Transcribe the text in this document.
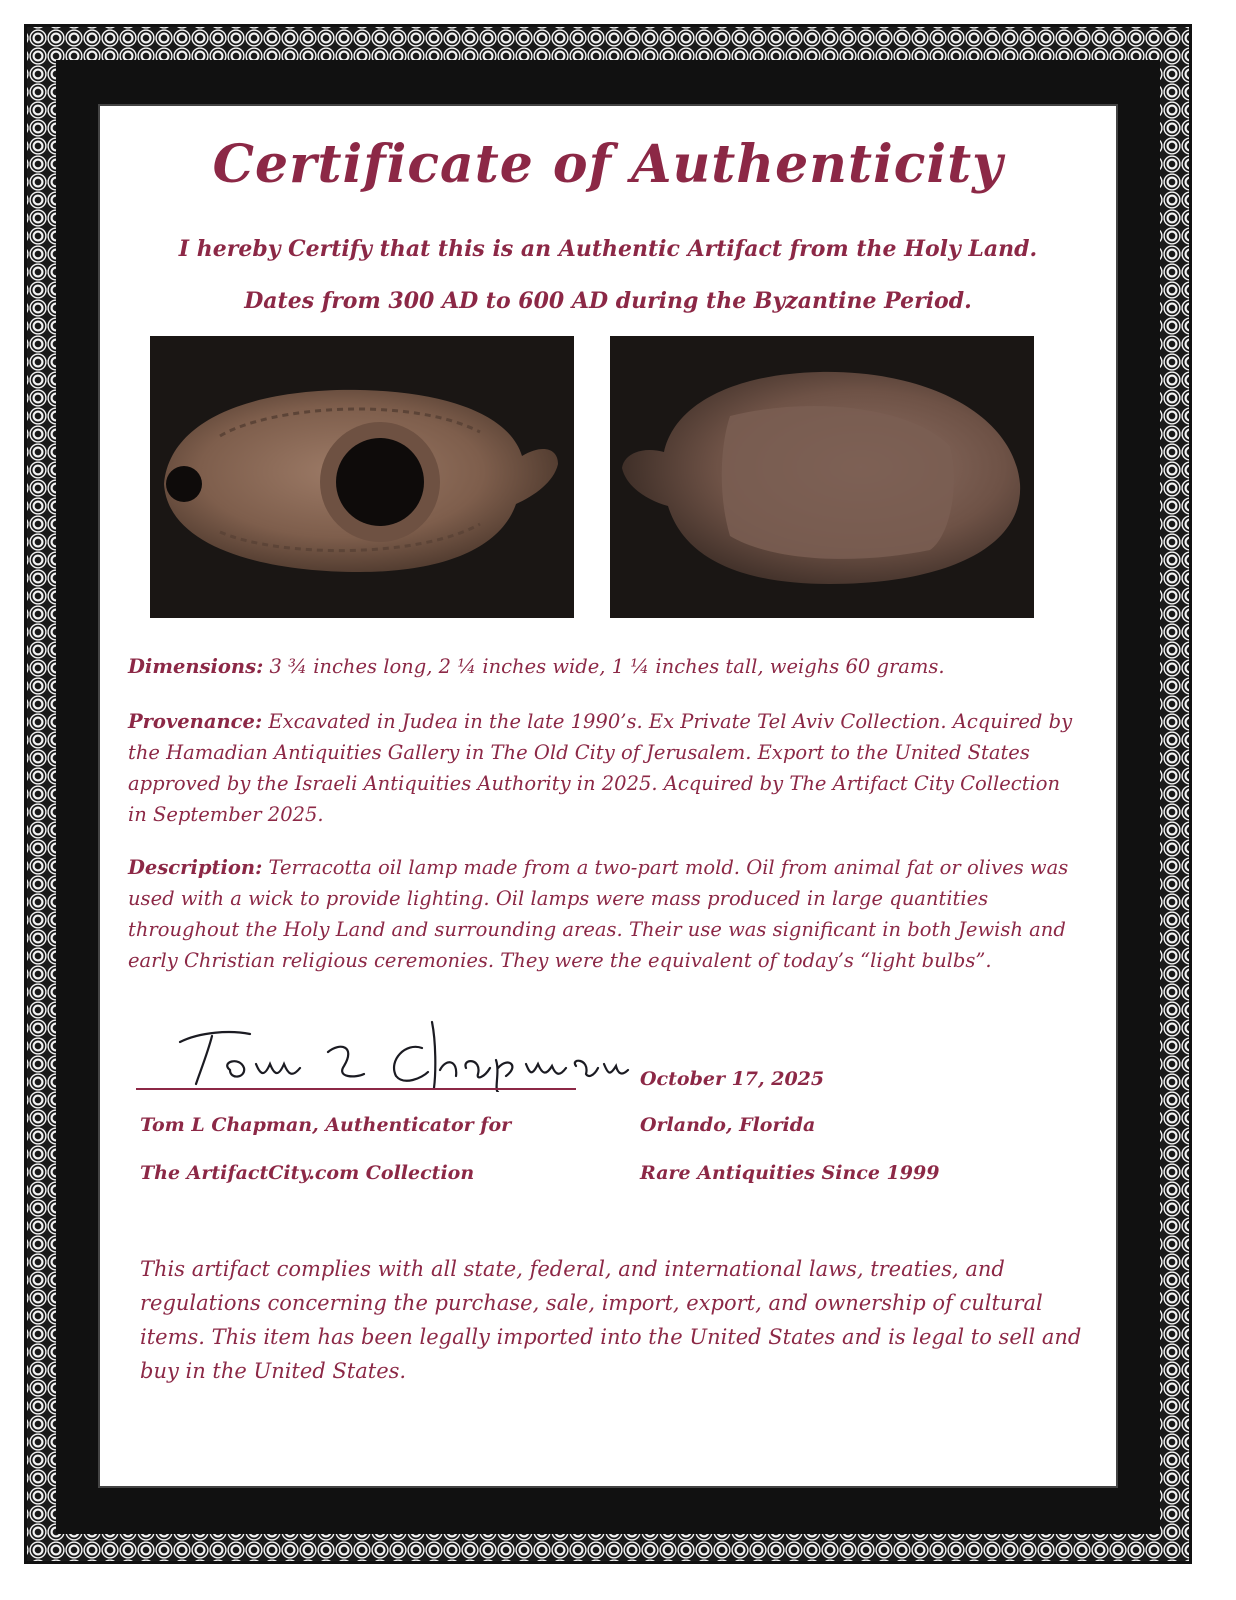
Certificate of Authenticity
I hereby Certify that this is an Authentic Artifact from the Holy Land.
Dates from 300 AD to 600 AD during the Byzantine Period.
Dimensions: 3 ¾ inches long, 2 ¼ inches wide, 1 ¼ inches tall, weighs 60 grams.
Provenance: Excavated in Judea in the late 1990’s. Ex Private Tel Aviv Collection. Acquired by the Hamadian Antiquities Gallery in The Old City of Jerusalem. Export to the United States approved by the Israeli Antiquities Authority in 2025. Acquired by The Artifact City Collection in September 2025.
Description: Terracotta oil lamp made from a two-part mold. Oil from animal fat or olives was used with a wick to provide lighting. Oil lamps were mass produced in large quantities throughout the Holy Land and surrounding areas. Their use was significant in both Jewish and early Christian religious ceremonies. They were the equivalent of today’s “light bulbs”.
Tom L Chapman, Authenticator for
The ArtifactCity.com Collection
October 17, 2025
Orlando, Florida
Rare Antiquities Since 1999
This artifact complies with all state, federal, and international laws, treaties, and regulations concerning the purchase, sale, import, export, and ownership of cultural items. This item has been legally imported into the United States and is legal to sell and buy in the United States.
